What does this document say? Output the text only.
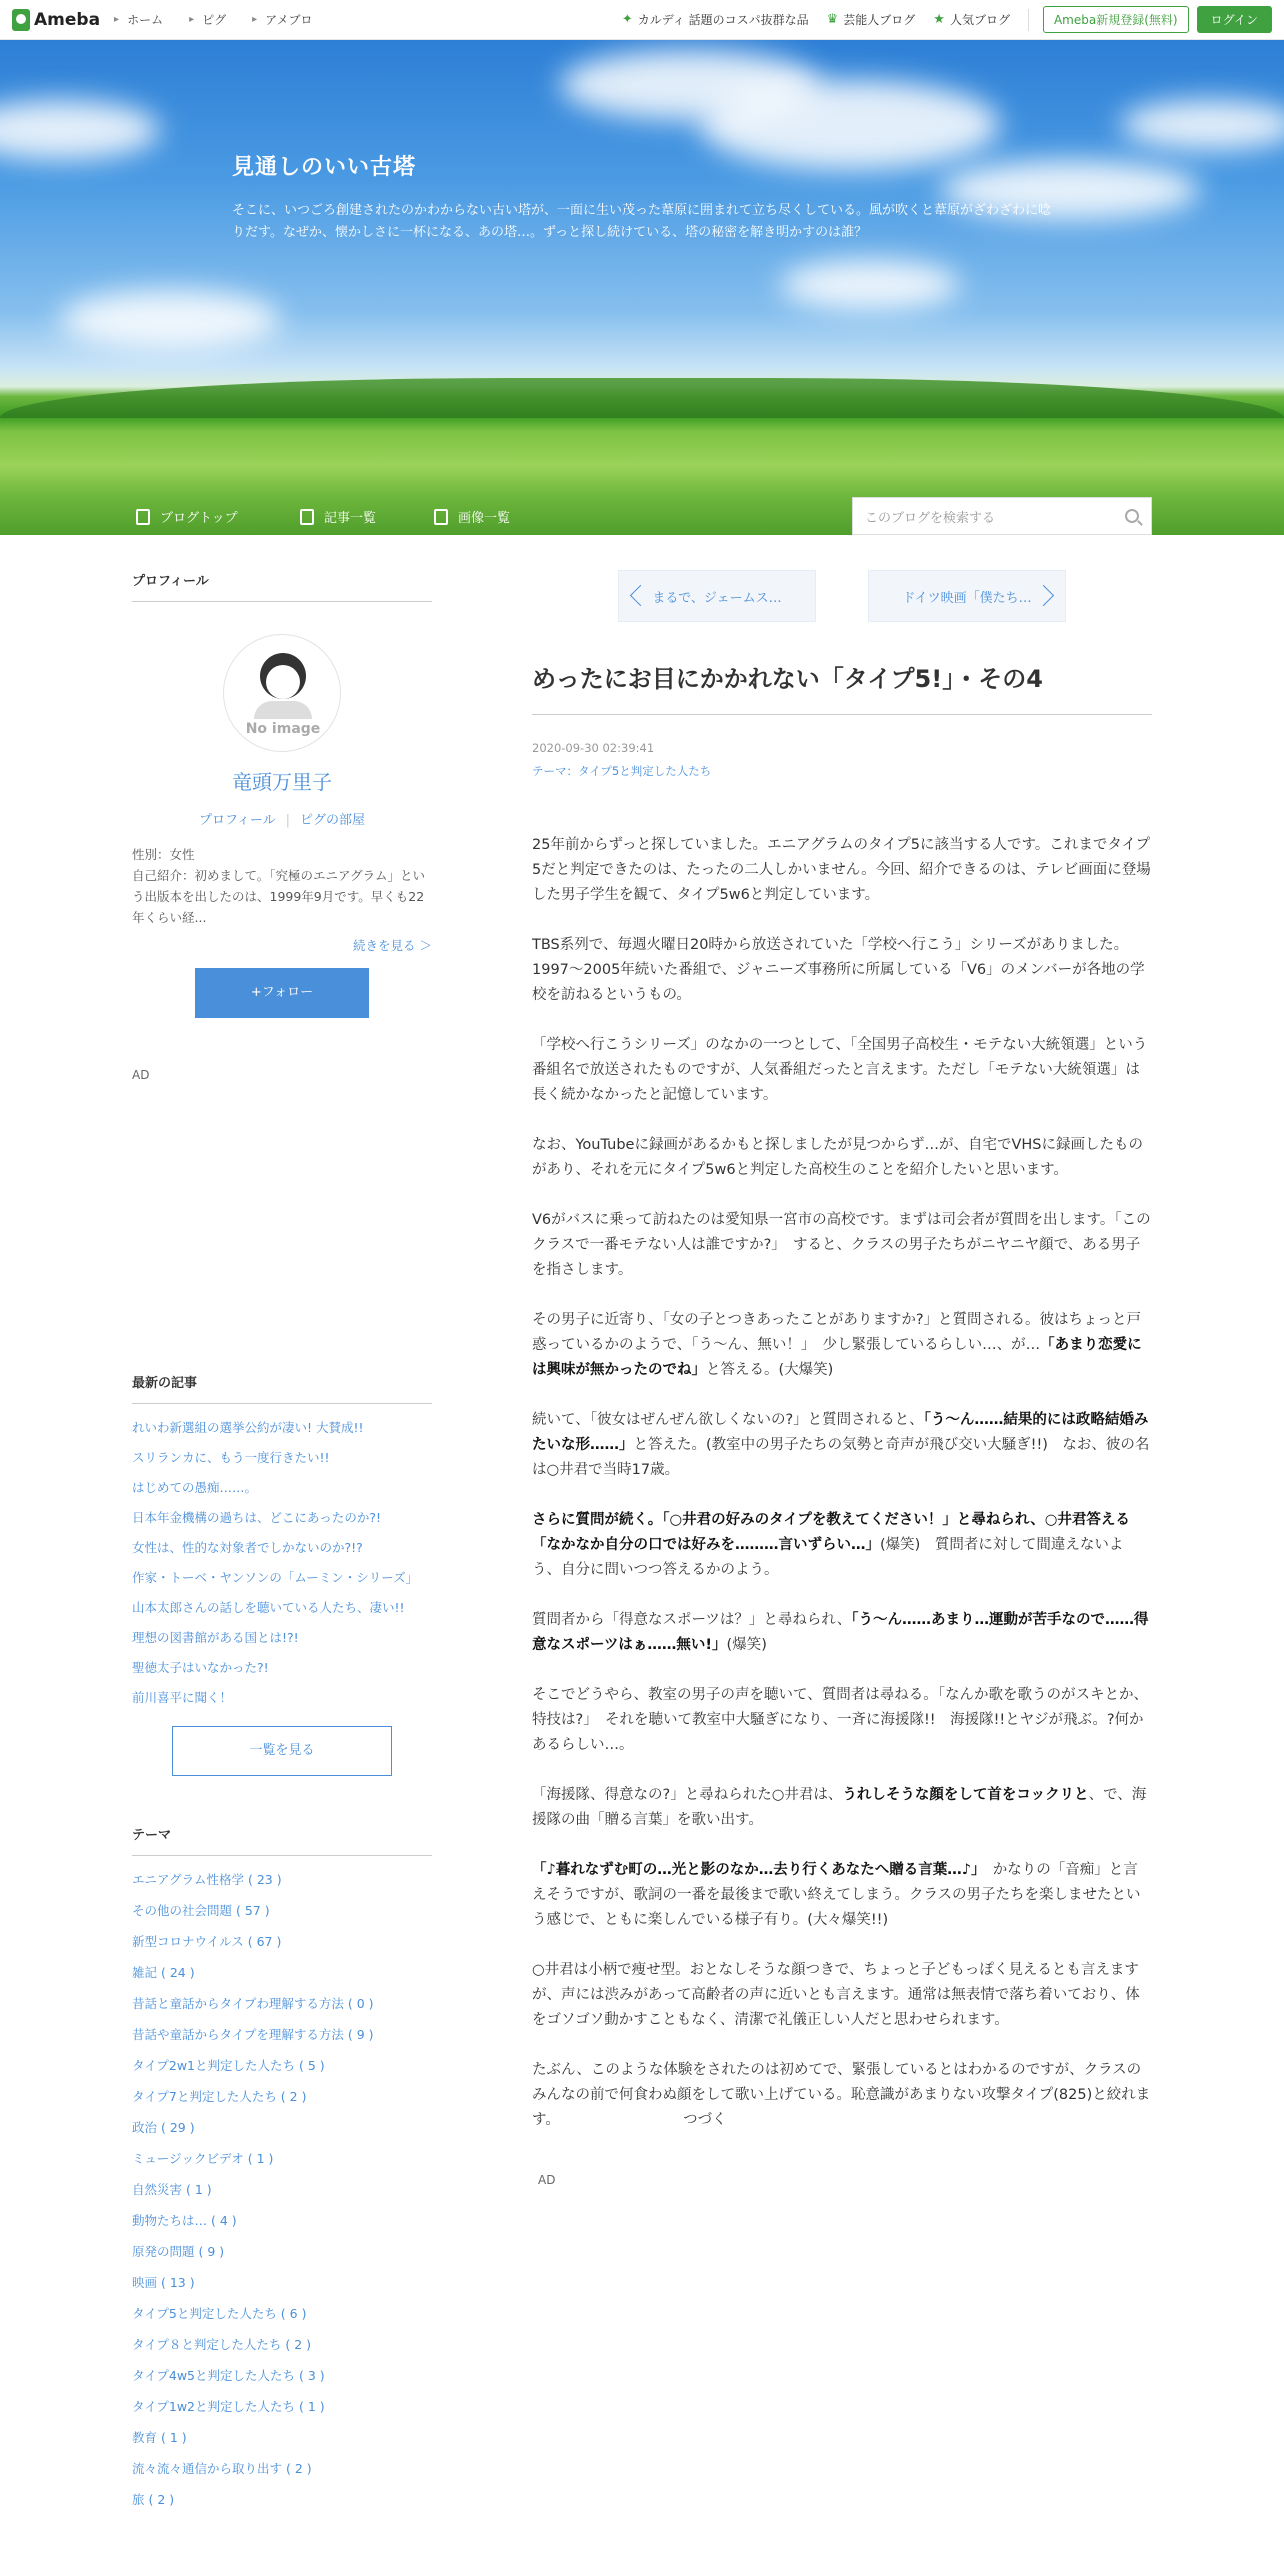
Ameba	▸ ホーム	▸ ピグ	▸ アメブロ	✦ カルディ 話題のコスパ抜群な品 ♛ 芸能人ブログ ★ 人気ブログ	Ameba新規登録(無料)	ログイン
見通しのいい古塔
そこに、いつごろ創建されたのかわからない古い塔が、一面に生い茂った葦原に囲まれて立ち尽くしている。風が吹くと葦原がざわざわに唸りだす。なぜか、懐かしさに一杯になる、あの塔…。ずっと探し続けている、塔の秘密を解き明かすのは誰？
ブログトップ	記事一覧	画像一覧	このブログを検索する
プロフィール
No image
竜頭万里子
プロフィール | ピグの部屋
性別：女性
自己紹介：初めまして。「究極のエニアグラム」という出版本を出したのは、1999年9月です。早くも22年くらい経...
続きを見る ＞
+フォロー
AD
最新の記事
れいわ新選組の選挙公約が凄い! 大賛成!!
スリランカに、もう一度行きたい!!
はじめての愚痴……。
日本年金機構の過ちは、どこにあったのか?!
女性は、性的な対象者でしかないのか?!?
作家・トーベ・ヤンソンの「ムーミン・シリーズ」
山本太郎さんの話しを聴いている人たち、凄い!!
理想の図書館がある国とは!?!
聖徳太子はいなかった?!
前川喜平に聞く！
一覧を見る
テーマ
エニアグラム性格学 ( 23 )
その他の社会問題 ( 57 )
新型コロナウイルス ( 67 )
雑記 ( 24 )
昔話と童話からタイプわ理解する方法 ( 0 )
昔話や童話からタイプを理解する方法 ( 9 )
タイプ2w1と判定した人たち ( 5 )
タイプ7と判定した人たち ( 2 )
政治 ( 29 )
ミュージックビデオ ( 1 )
自然災害 ( 1 )
動物たちは… ( 4 )
原発の問題 ( 9 )
映画 ( 13 )
タイプ5と判定した人たち ( 6 )
タイプ８と判定した人たち ( 2 )
タイプ4w5と判定した人たち ( 3 )
タイプ1w2と判定した人たち ( 1 )
教育 ( 1 )
流々流々通信から取り出す ( 2 )
旅 ( 2 )
まるで、ジェームス…	ドイツ映画「僕たち…
めったにお目にかかれない「タイプ5!」・その4
2020-09-30 02:39:41
テーマ：タイプ5と判定した人たち

25年前からずっと探していました。エニアグラムのタイプ5に該当する人です。これまでタイプ5だと判定できたのは、たったの二人しかいません。今回、紹介できるのは、テレビ画面に登場した男子学生を観て、タイプ5w6と判定しています。

TBS系列で、毎週火曜日20時から放送されていた「学校へ行こう」シリーズがありました。1997～2005年続いた番組で、ジャニーズ事務所に所属している「V6」のメンバーが各地の学校を訪ねるというもの。

「学校へ行こうシリーズ」のなかの一つとして、「全国男子高校生・モテない大統領選」という番組名で放送されたものですが、人気番組だったと言えます。ただし「モテない大統領選」は長く続かなかったと記憶しています。

なお、YouTubeに録画があるかもと探しましたが見つからず…が、自宅でVHSに録画したものがあり、それを元にタイプ5w6と判定した高校生のことを紹介したいと思います。

V6がバスに乗って訪ねたのは愛知県一宮市の高校です。まずは司会者が質問を出します。「このクラスで一番モテない人は誰ですか?」　すると、クラスの男子たちがニヤニヤ顔で、ある男子を指さします。

その男子に近寄り、「女の子とつきあったことがありますか?」と質問される。彼はちょっと戸惑っているかのようで、「う～ん、無い！」　少し緊張しているらしい…、が…「あまり恋愛には興味が無かったのでね」と答える。(大爆笑)

続いて、「彼女はぜんぜん欲しくないの?」と質問されると、「う～ん……結果的には政略結婚みたいな形……」と答えた。(教室中の男子たちの気勢と奇声が飛び交い大騒ぎ!!)　なお、彼の名は○井君で当時17歳。

さらに質問が続く。「○井君の好みのタイプを教えてください！」と尋ねられ、○井君答える「なかなか自分の口では好みを………言いずらい…」(爆笑)　質問者に対して間違えないよう、自分に問いつつ答えるかのよう。

質問者から「得意なスポーツは？」と尋ねられ、「う～ん……あまり…運動が苦手なので……得意なスポーツはぁ……無い!」(爆笑)

そこでどうやら、教室の男子の声を聴いて、質問者は尋ねる。「なんか歌を歌うのがスキとか、特技は?」　それを聴いて教室中大騒ぎになり、一斉に海援隊!!　海援隊!!とヤジが飛ぶ。?何かあるらしい…。

「海援隊、得意なの?」と尋ねられた○井君は、うれしそうな顔をして首をコックリと、で、海援隊の曲「贈る言葉」を歌い出す。

「♪暮れなずむ町の…光と影のなか…去り行くあなたへ贈る言葉…♪」　かなりの「音痴」と言えそうですが、歌詞の一番を最後まで歌い終えてしまう。クラスの男子たちを楽しませたという感じで、ともに楽しんでいる様子有り。(大々爆笑!!)

○井君は小柄で痩せ型。おとなしそうな顔つきで、ちょっと子どもっぽく見えるとも言えますが、声には渋みがあって高齢者の声に近いとも言えます。通常は無表情で落ち着いており、体をゴソゴソ動かすこともなく、清潔で礼儀正しい人だと思わせられます。

たぶん、このような体験をされたのは初めてで、緊張しているとはわかるのですが、クラスのみんなの前で何食わぬ顔をして歌い上げている。恥意識があまりない攻撃タイプ(825)と絞れます。　　　　　　　　　つづく

AD
